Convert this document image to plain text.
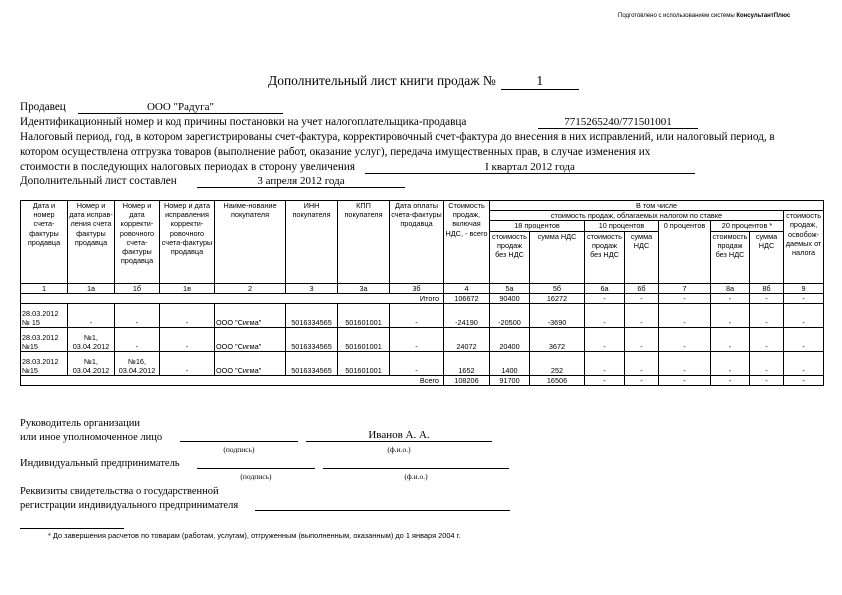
Подготовлено с использованием системы КонсультантПлюс
Дополнительный лист книги продаж №	1
Продавец	ООО "Радуга"
Идентификационный номер и код причины постановки на учет налогоплательщика-продавца	7715265240/771501001
Налоговый период, год, в котором зарегистрированы счет-фактура, корректировочный счет-фактура до внесения в них исправлений, или налоговый период, в
котором осуществлена отгрузка товаров (выполнение работ, оказание услуг), передача имущественных прав, в случае изменения их
стоимости в последующих налоговых периодах в сторону увеличения	I квартал 2012 года
Дополнительный лист составлен	3 апреля 2012 года
Дата и номер счета-фактуры продавца	Номер и дата исправ-ления счета фактуры продавца	Номер и дата корректи-ровочного счета-фактуры продавца	Номер и дата исправления корректи-ровочного счета-фактуры продавца	Наиме-нование покупателя	ИНН покупателя	КПП покупателя	Дата оплаты счета-фактуры продавца	Стоимость продаж, включая НДС, - всего	В том числе							
									стоимость продаж, облагаемых налогом по ставке							стоимость продаж, освобож-даемых от налога
									18 процентов		10 процентов		0 процентов	20 процентов *		
									стоимость продаж без НДС	сумма НДС	стоимость продаж без НДС	сумма НДС		стоимость продаж без НДС	сумма НДС	
1	1а	1б	1в	2	3	3а	3б	4	5а	5б	6а	6б	7	8а	8б	9
Итого								106672	90400	16272	-	-	-	-	-	-
28.03.2012 № 15	-	-	-	ООО "Сигма"	5016334565	501601001	-	-24190	-20500	-3690	-	-	-	-	-	-
28.03.2012 №15	№1, 03.04.2012	-	-	ООО "Сигма"	5016334565	501601001	-	24072	20400	3672	-	-	-	-	-	-
28.03.2012 №15	№1, 03.04.2012	№16, 03.04.2012	-	ООО "Сигма"	5016334565	501601001	-	1652	1400	252	-	-	-	-	-	-
Всего								108206	91700	16506	-	-	-	-	-	-
Руководитель организации
или иное уполномоченное лицо	Иванов А. А.
(подпись)	(ф.и.о.)
Индивидуальный предприниматель
(подпись)	(ф.и.о.)
Реквизиты свидетельства о государственной
регистрации индивидуального предпринимателя
* До завершения расчетов по товарам (работам, услугам), отгруженным (выполненным, оказанным) до 1 января 2004 г.
